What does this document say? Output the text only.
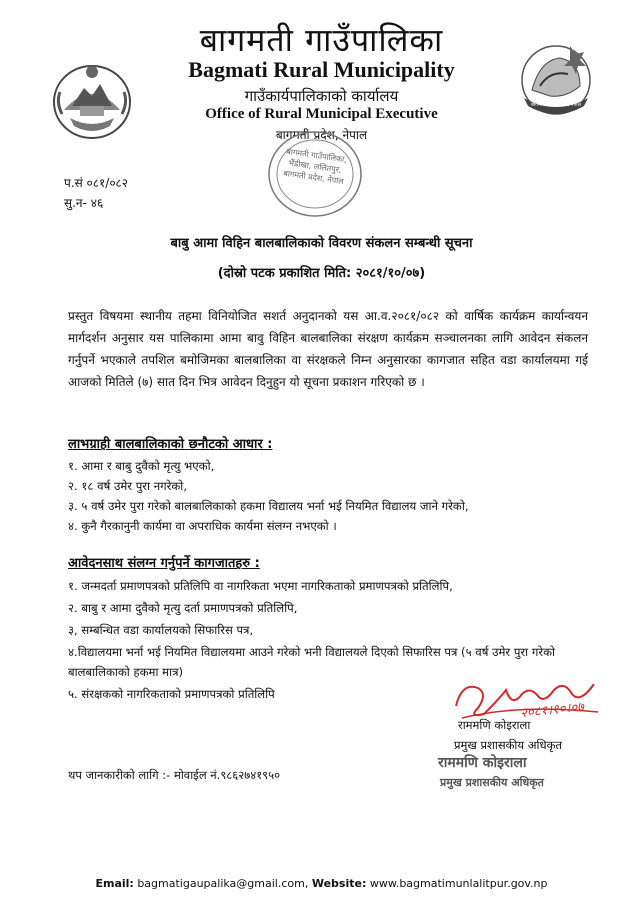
बागमती गाउँपालिका, नेपाल
बागमती गाउँपालिका
Bagmati Rural Municipality
गाउँकार्यपालिकाको कार्यालय
Office of Rural Municipal Executive
बागमती प्रदेश, नेपाल
बागमती गाउँपालिका, भैंडीखा, ललितपुर, बागमती प्रदेश, नेपाल
प.सं ०८१/०८२
सु.न- ४६
बाबु आमा विहिन बालबालिकाको विवरण संकलन सम्बन्धी सूचना
(दोस्रो पटक प्रकाशित मिति: २०८१/१०/०७)
प्रस्तुत विषयमा स्थानीय तहमा विनियोजित सशर्त अनुदानको यस आ.व.२०८१/०८२ को वार्षिक कार्यक्रम कार्यान्वयन मार्गदर्शन अनुसार यस पालिकामा आमा बावु विहिन बालबालिका संरक्षण कार्यक्रम सञ्चालनका लागि आवेदन संकलन गर्नुपर्ने भएकाले तपशिल बमोजिमका बालबालिका वा संरक्षकले निम्न अनुसारका कागजात सहित वडा कार्यालयमा गई आजको मितिले (७) सात दिन भित्र आवेदन दिनुहुन यो सूचना प्रकाशन गरिएको छ ।
लाभग्राही बालबालिकाको छनौटको आधार :
१. आमा र बाबु दुवैको मृत्यु भएको,
२. १८ वर्ष उमेर पुरा नगरेको,
३. ५ वर्ष उमेर पुरा गरेको बालबालिकाको हकमा विद्यालय भर्ना भई नियमित विद्यालय जाने गरेको,
४. कुनै गैरकानुनी कार्यमा वा अपराधिक कार्यमा संलग्न नभएको ।
आवेदनसाथ संलग्न गर्नुपर्ने कागजातहरु :
१. जन्मदर्ता प्रमाणपत्रको प्रतिलिपि वा नागरिकता भएमा नागरिकताको प्रमाणपत्रको प्रतिलिपि,
२. बाबु र आमा दुवैको मृत्यु दर्ता प्रमाणपत्रको प्रतिलिपि,
३, सम्बन्धित वडा कार्यालयको सिफारिस पत्र,
४.विद्यालयमा भर्ना भई नियमित विद्यालयमा आउने गरेको भनी विद्यालयले दिएको सिफारिस पत्र (५ वर्ष उमेर पुरा गरेको बालबालिकाको हकमा मात्र)
५. संरक्षकको नागरिकताको प्रमाणपत्रको प्रतिलिपि
२०८१।१०।०७
राममणि कोइराला
प्रमुख प्रशासकीय अधिकृत
राममणि कोइराला
प्रमुख प्रशासकीय अधिकृत
थप जानकारीको लागि :- मोवाईल नं.९८६२७४१९५०
Email: bagmatigaupalika@gmail.com, Website: www.bagmatimunlalitpur.gov.np
